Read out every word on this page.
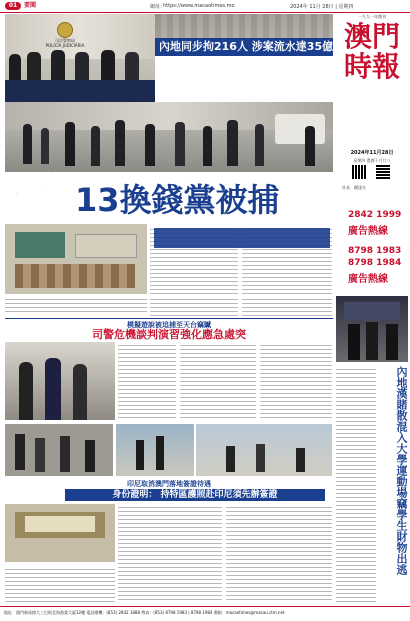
01	要聞	網址：
https://www.macaotimes.mo	2024年 11月 28日 | 星期四
司法警察局
POLÍCIA JUDICIÁRIA	內地同步拘216人 涉案流水達35億
清蟻
持續 13換錢黨被捕
一九九一年創刊
澳門時報
2024年11月28日
星期四 農曆十月廿八
社長：楊達夫
2842 1999
廣告熱線
8798 1983
8798 1984
廣告熱線
模擬遊說被追捕至天台竊贓
司警危機談判演習強化應急處突
印尼取消澳門落地簽證待遇
身份證明： 持特區護照赴印尼須先辦簽證	內地漢賭散混入大學運動場竊學生財物出逃
地址：澳門新馬路大三巴街北海漁業大廈12樓 電話總機：(853) 2842 1888 傳真：(853) 8798 1983 | 8798 1984 郵箱：macaotimes@macau.ctm.net
